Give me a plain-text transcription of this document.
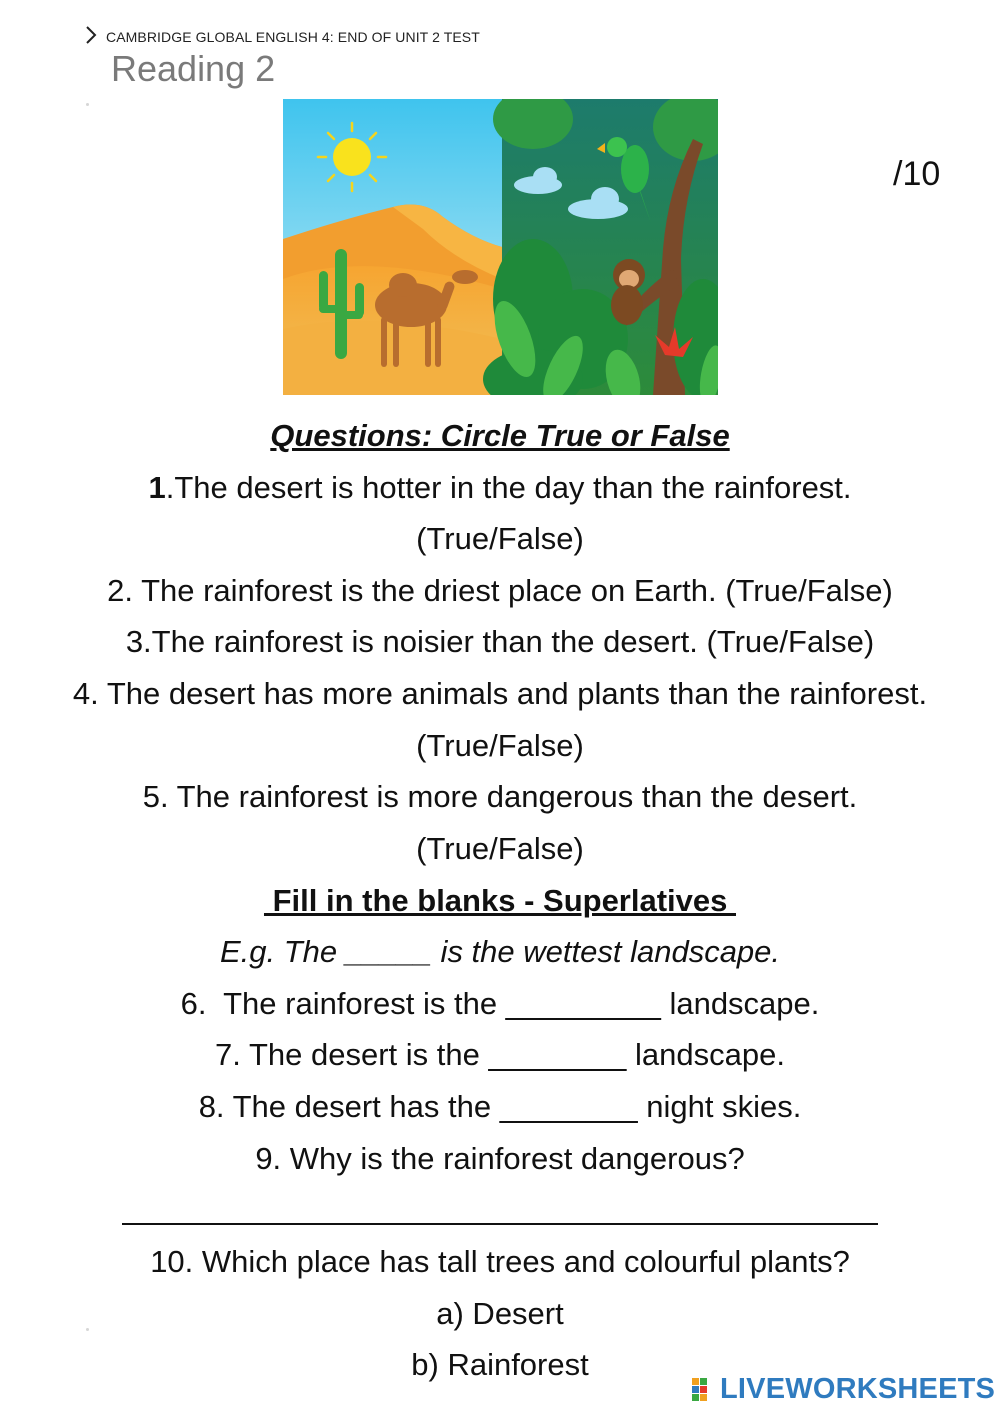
CAMBRIDGE GLOBAL ENGLISH 4: END OF UNIT 2 TEST
Reading 2
/10
Questions: Circle True or False
1.The desert is hotter in the day than the rainforest.
(True/False)
2. The rainforest is the driest place on Earth. (True/False)
3.The rainforest is noisier than the desert. (True/False)
4. The desert has more animals and plants than the rainforest.
(True/False)
5. The rainforest is more dangerous than the desert.
(True/False)
Fill in the blanks - Superlatives
E.g. The _____ is the wettest landscape.
6.  The rainforest is the _________ landscape.
7. The desert is the ________ landscape.
8. The desert has the ________ night skies.
9. Why is the rainforest dangerous?
10. Which place has tall trees and colourful plants?
a) Desert
b) Rainforest
LIVEWORKSHEETS
